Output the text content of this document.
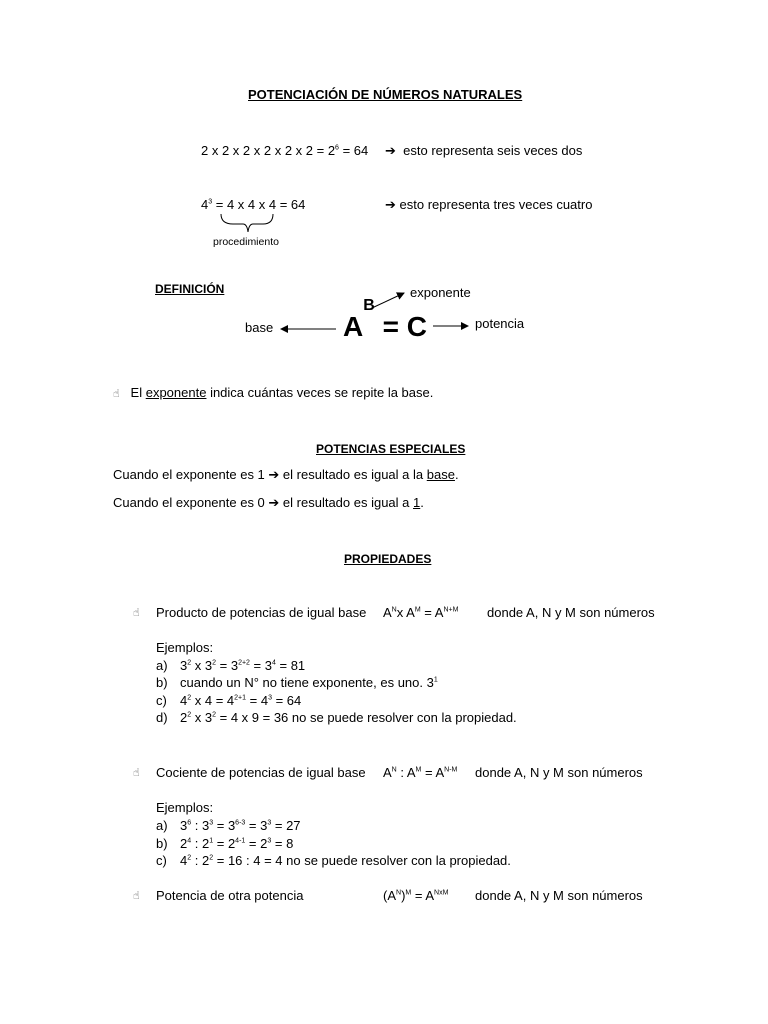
POTENCIACIÓN DE NÚMEROS NATURALES
2 x 2 x 2 x 2 x 2 x $2 = 2^6 = 64$ ➔ esto representa seis veces dos
$4^3 = 4$ x 4 x 4 = 64	➔ esto representa tres veces cuatro
procedimiento
DEFINICIÓN	exponente
base $A^B = C$	potencia
☝ El exponente indica cuántas veces se repite la base.
POTENCIAS ESPECIALES
Cuando el exponente es 1 ➔ el resultado es igual a la base.
Cuando el exponente es 0 ➔ el resultado es igual a 1.
PROPIEDADES
☝ Producto de potencias de igual base $A^Nx$ $A^M = A^{N+M}$ donde A, N y M son números
Ejemplos:
a) $3^2$ x $3^2 = 3^{2+2} = 3^4 = 81$
b) cuando un N° no tiene exponente, es uno. $3^1$
c) $4^2$ x $4 = 4^{2+1} = 4^3 = 64$
d) $2^2$ x $3^2 = 4$ x 9 = 36 no se puede resolver con la propiedad.
☝ Cociente de potencias de igual base $A^N$ : $A^M = A^{N-M}$ donde A, N y M son números
Ejemplos:
a) $3^6$ : $3^3 = 3^{6-3} = 3^3 = 27$
b) $2^4$ : $2^1 = 2^{4-1} = 2^3 = 8$
c) $4^2$ : $2^2 = 16$ : 4 = 4 no se puede resolver con la propiedad.
☝ Potencia de otra potencia	$(A^N)^M = A^{NxM}$ donde A, N y M son números
